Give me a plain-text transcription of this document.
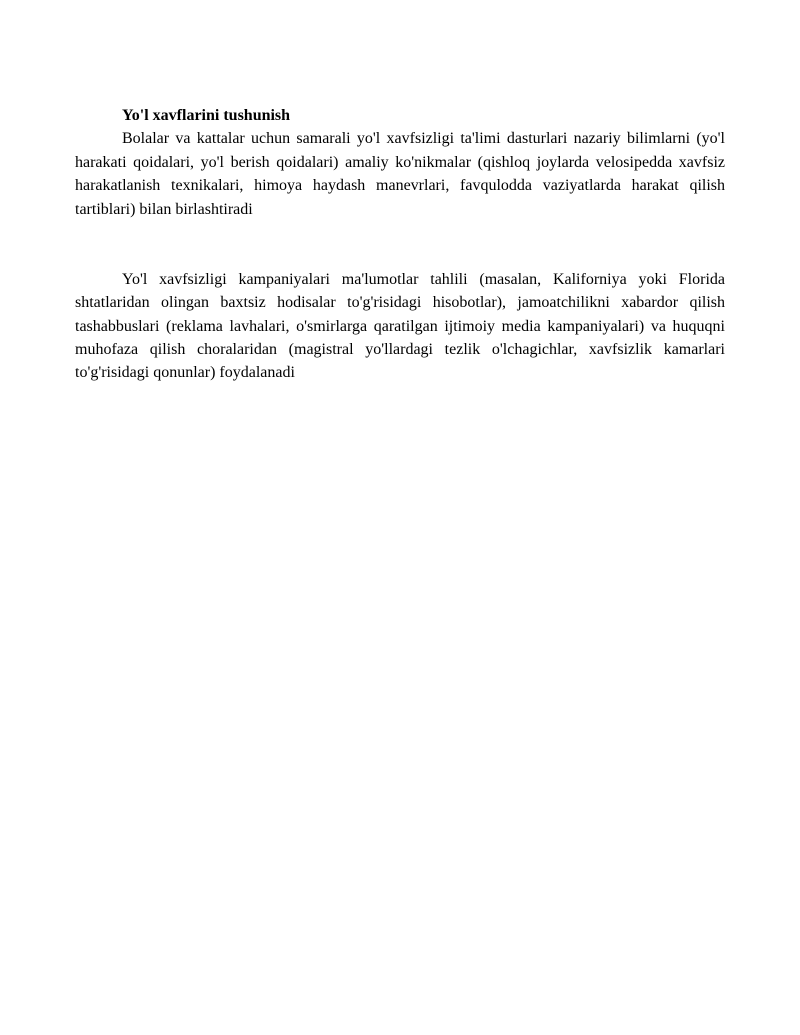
Yo'l xavflarini tushunish

Bolalar va kattalar uchun samarali yo'l xavfsizligi ta'limi dasturlari nazariy bilimlarni (yo'l harakati qoidalari, yo'l berish qoidalari) amaliy ko'nikmalar (qishloq joylarda velosipedda xavfsiz harakatlanish texnikalari, himoya haydash manevrlari, favqulodda vaziyatlarda harakat qilish tartiblari) bilan birlashtiradi

Yo'l xavfsizligi kampaniyalari ma'lumotlar tahlili (masalan, Kaliforniya yoki Florida shtatlaridan olingan baxtsiz hodisalar to'g'risidagi hisobotlar), jamoatchilikni xabardor qilish tashabbuslari (reklama lavhalari, o'smirlarga qaratilgan ijtimoiy media kampaniyalari) va huquqni muhofaza qilish choralaridan (magistral yo'llardagi tezlik o'lchagichlar, xavfsizlik kamarlari to'g'risidagi qonunlar) foydalanadi
